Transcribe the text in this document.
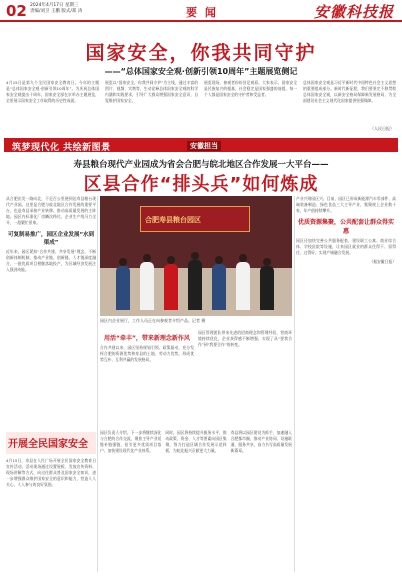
02 2024年4月17日 星期三
责编/刘卫 王鹏 版式/郑 涛	要 闻	安徽科技报
国家安全，你我共同守护
——“总体国家安全观·创新引领10周年”主题展览侧记
4月15日是第九个全民国家安全教育日。今年的主题是“总体国家安全观·创新引领10周年”。为庆祝总体国家安全观提出十周年，国家安全部在京举办主题展览，全景展示国家安全工作取得的历史性成就。
展览以“国家安全，你我共同守护”为主线，通过丰富的图片、视频、实物等，生动诠释总体国家安全观的科学内涵和实践要求，引导广大群众增强国家安全意识，自觉维护国家安全。
展览现场，参观者纷纷驻足观看。大家表示，国家安全是民族复兴的根基，社会稳定是国家强盛的前提，每一个人都是国家安全的守护者和受益者。
总体国家安全观是习近平新时代中国特色社会主义思想的重要组成部分。新时代新征程，我们要坚定不移贯彻总体国家安全观，以新安全格局保障新发展格局，为全面建设社会主义现代化国家提供坚强保障。
（人民日报）
筑梦现代化 共绘新图景	安徽担当
寿县粮台现代产业园成为省会合肥与皖北地区合作发展一大平台——
区县合作“排头兵”如何炼成
从合肥出发一路向北，不足百公里便到达寿县粮台现代产业园。这里是合肥与皖北地区合作发展的重要平台，也是寿县承接产业转移、推动高质量发展的主阵地。园区内标准化厂房鳞次栉比，企业生产线马力全开，一派繁忙景象。
可复制易推广，园区企业发展“水到渠成”
近年来，园区紧扣“合作共建、共享发展”理念，不断创新体制机制，推动产业链、创新链、人才链深度融合，一批优质项目相继落地投产，为区域经济发展注入强劲动能。
合肥寿县粮台园区
园区内企业展厅，工作人员正在向参观者介绍产品。记者 摄
用活“牵丰”，带来新理念新作风
合作共建以来，园区坚持规划引领、政策驱动，充分发挥合肥的资源优势和寿县的土地、劳动力优势，形成优势互补、互利共赢的发展格局。
园区管理团队带来先进的招商理念和管理经验，营商环境持续优化，企业获得感不断增强，实现了从“要我合作”到“我要合作”的转变。
产业兴则园区兴。目前，园区已形成新能源汽车零部件、高端装备制造、绿色食品三大主导产业，集聚规上企业数十家，年产值持续攀升。
优质资源集聚，公共配套让群众得实惠
园区还加快完善公共服务配套，建设职工公寓、商业综合体、学校医院等设施，让来园区就业的群众住得下、留得住、过得好，实现产城融合发展。
（据安徽日报）
开展全民国家安全
4月15日，寿县在人民广场开展全民国家安全教育日宣传活动。活动现场通过设置展板、发放宣传资料、现场讲解等方式，向过往群众普及国家安全知识，进一步增强群众维护国家安全的意识和能力，营造人人关心、人人参与的良好氛围。
园区负责人介绍，下一步将继续深化与合肥的合作交流，聚焦主导产业延链补链强链，招引更多优质项目落户，加快建设现代化产业体系。
同时，园区将持续提升服务水平，推动政策、资金、人才等要素向园区集聚，努力打造区域合作发展示范样板，为皖北振兴贡献更大力量。
寿县将以园区建设为抓手，加速融入合肥都市圈，推动产业协同、设施联通、服务共享，奋力书写高质量发展新篇章。
